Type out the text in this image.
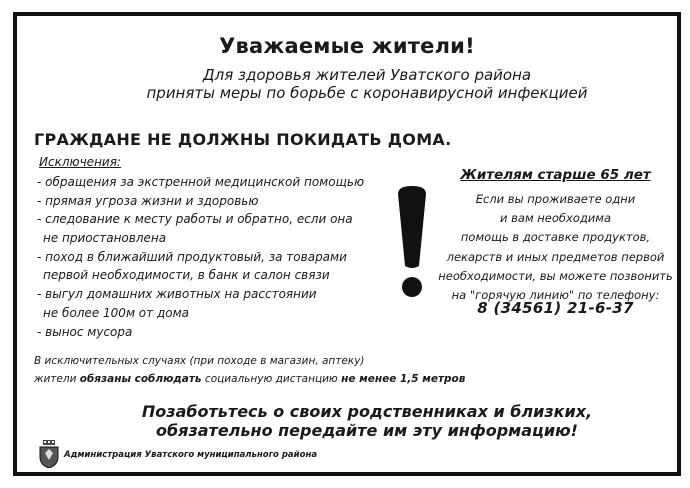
Уважаемые жители!
Для здоровья жителей Уватского района
приняты меры по борьбе с коронавирусной инфекцией
ГРАЖДАНЕ НЕ ДОЛЖНЫ ПОКИДАТЬ ДОМА.
Исключения:
- обращения за экстренной медицинской помощью
- прямая угроза жизни и здоровью
- следование к месту работы и обратно, если она
не приостановлена
- поход в ближайший продуктовый, за товарами
первой необходимости, в банк и салон связи
- выгул домашних животных на расстоянии
не более 100м от дома
- вынос мусора
Жителям старше 65 лет
Если вы проживаете одни
и вам необходима
помощь в доставке продуктов,
лекарств и иных предметов первой
необходимости, вы можете позвонить
на "горячую линию" по телефону:
8 (34561) 21-6-37
В исключительных случаях (при походе в магазин, аптеку)
жители обязаны соблюдать социальную дистанцию не менее 1,5 метров
Позаботьтесь о своих родственниках и близких,
обязательно передайте им эту информацию!
Администрация Уватского муниципального района
